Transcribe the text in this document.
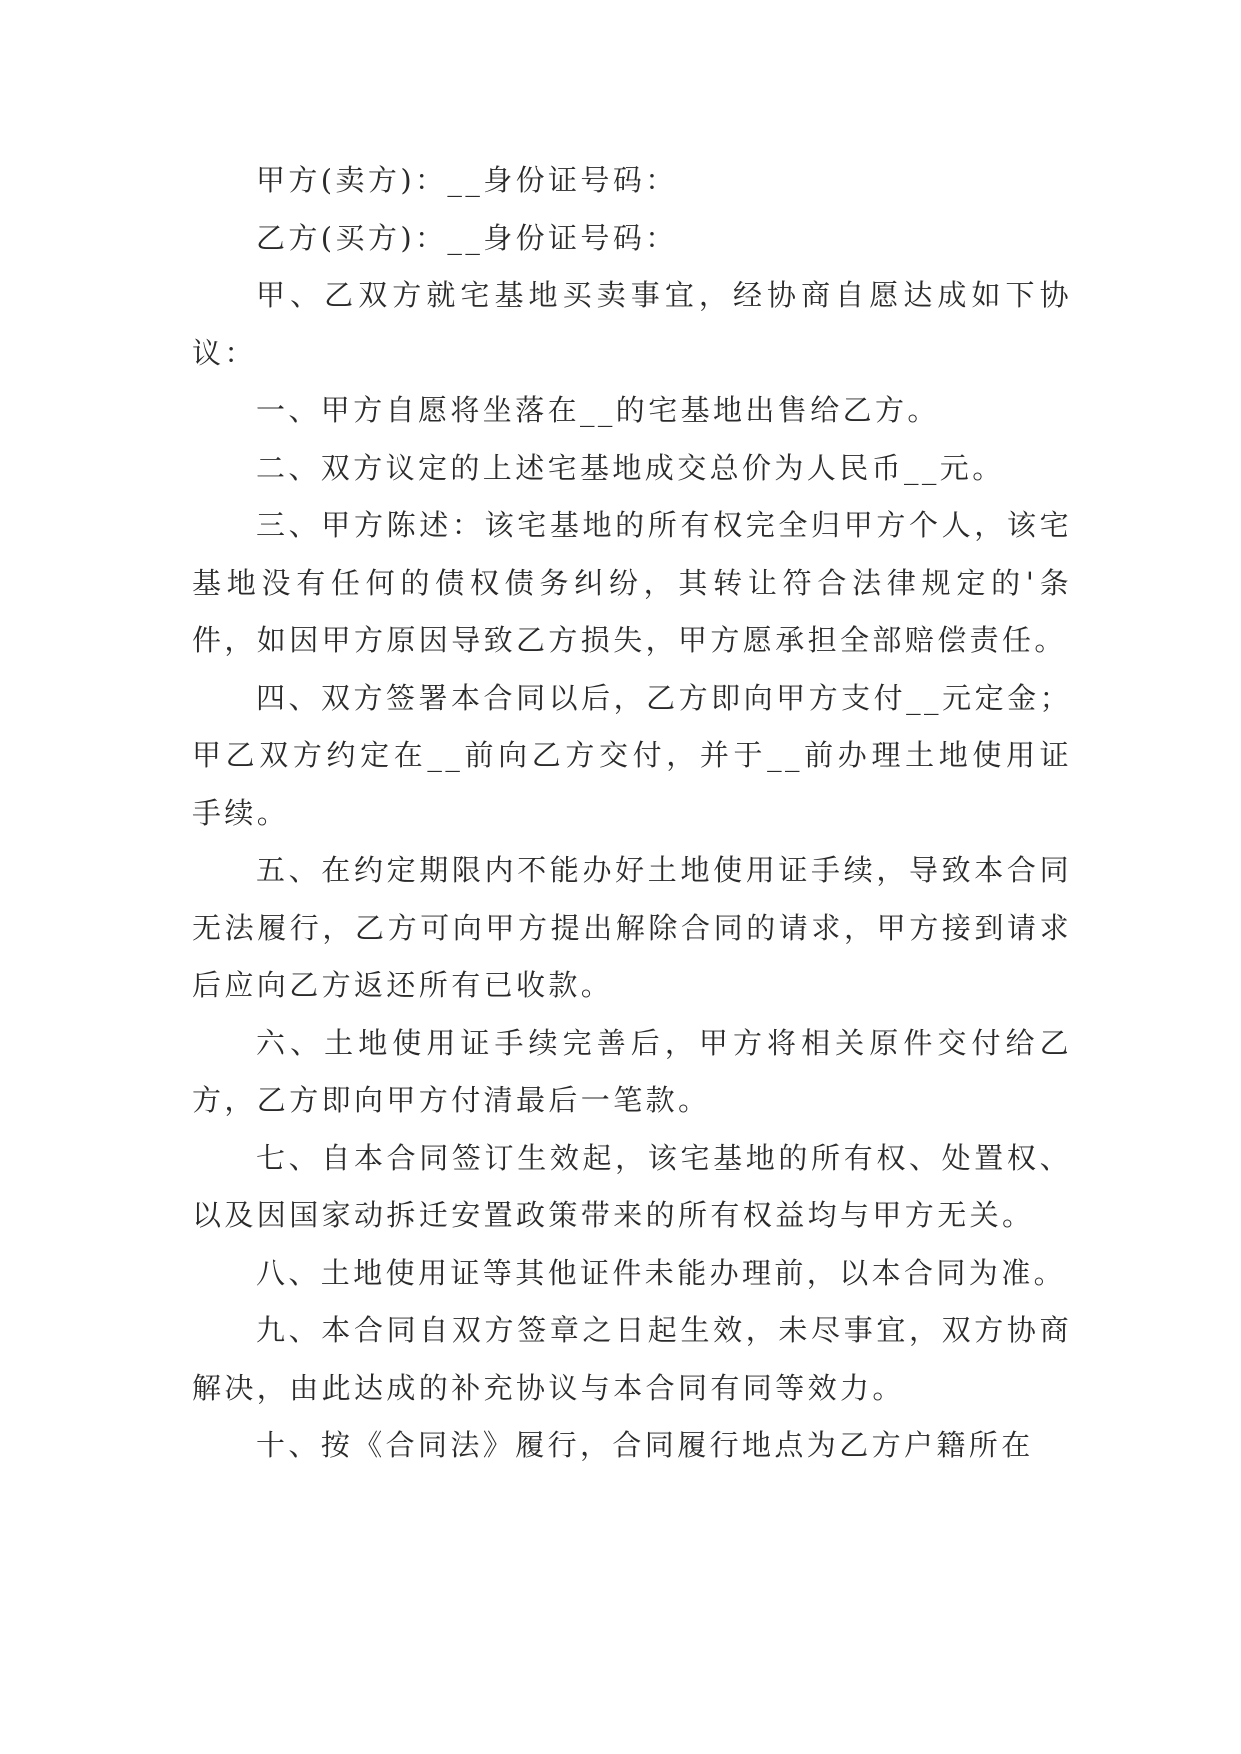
甲方(卖方)：__身份证号码：

乙方(买方)：__身份证号码：

甲、乙双方就宅基地买卖事宜，经协商自愿达成如下协议：

一、甲方自愿将坐落在__的宅基地出售给乙方。

二、双方议定的上述宅基地成交总价为人民币__元。

三、甲方陈述：该宅基地的所有权完全归甲方个人，该宅基地没有任何的债权债务纠纷，其转让符合法律规定的'条件，如因甲方原因导致乙方损失，甲方愿承担全部赔偿责任。

四、双方签署本合同以后，乙方即向甲方支付__元定金；甲乙双方约定在__前向乙方交付，并于__前办理土地使用证手续。

五、在约定期限内不能办好土地使用证手续，导致本合同无法履行，乙方可向甲方提出解除合同的请求，甲方接到请求后应向乙方返还所有已收款。

六、土地使用证手续完善后，甲方将相关原件交付给乙方，乙方即向甲方付清最后一笔款。

七、自本合同签订生效起，该宅基地的所有权、处置权、以及因国家动拆迁安置政策带来的所有权益均与甲方无关。

八、土地使用证等其他证件未能办理前，以本合同为准。

九、本合同自双方签章之日起生效，未尽事宜，双方协商解决，由此达成的补充协议与本合同有同等效力。

十、按《合同法》履行，合同履行地点为乙方户籍所在
